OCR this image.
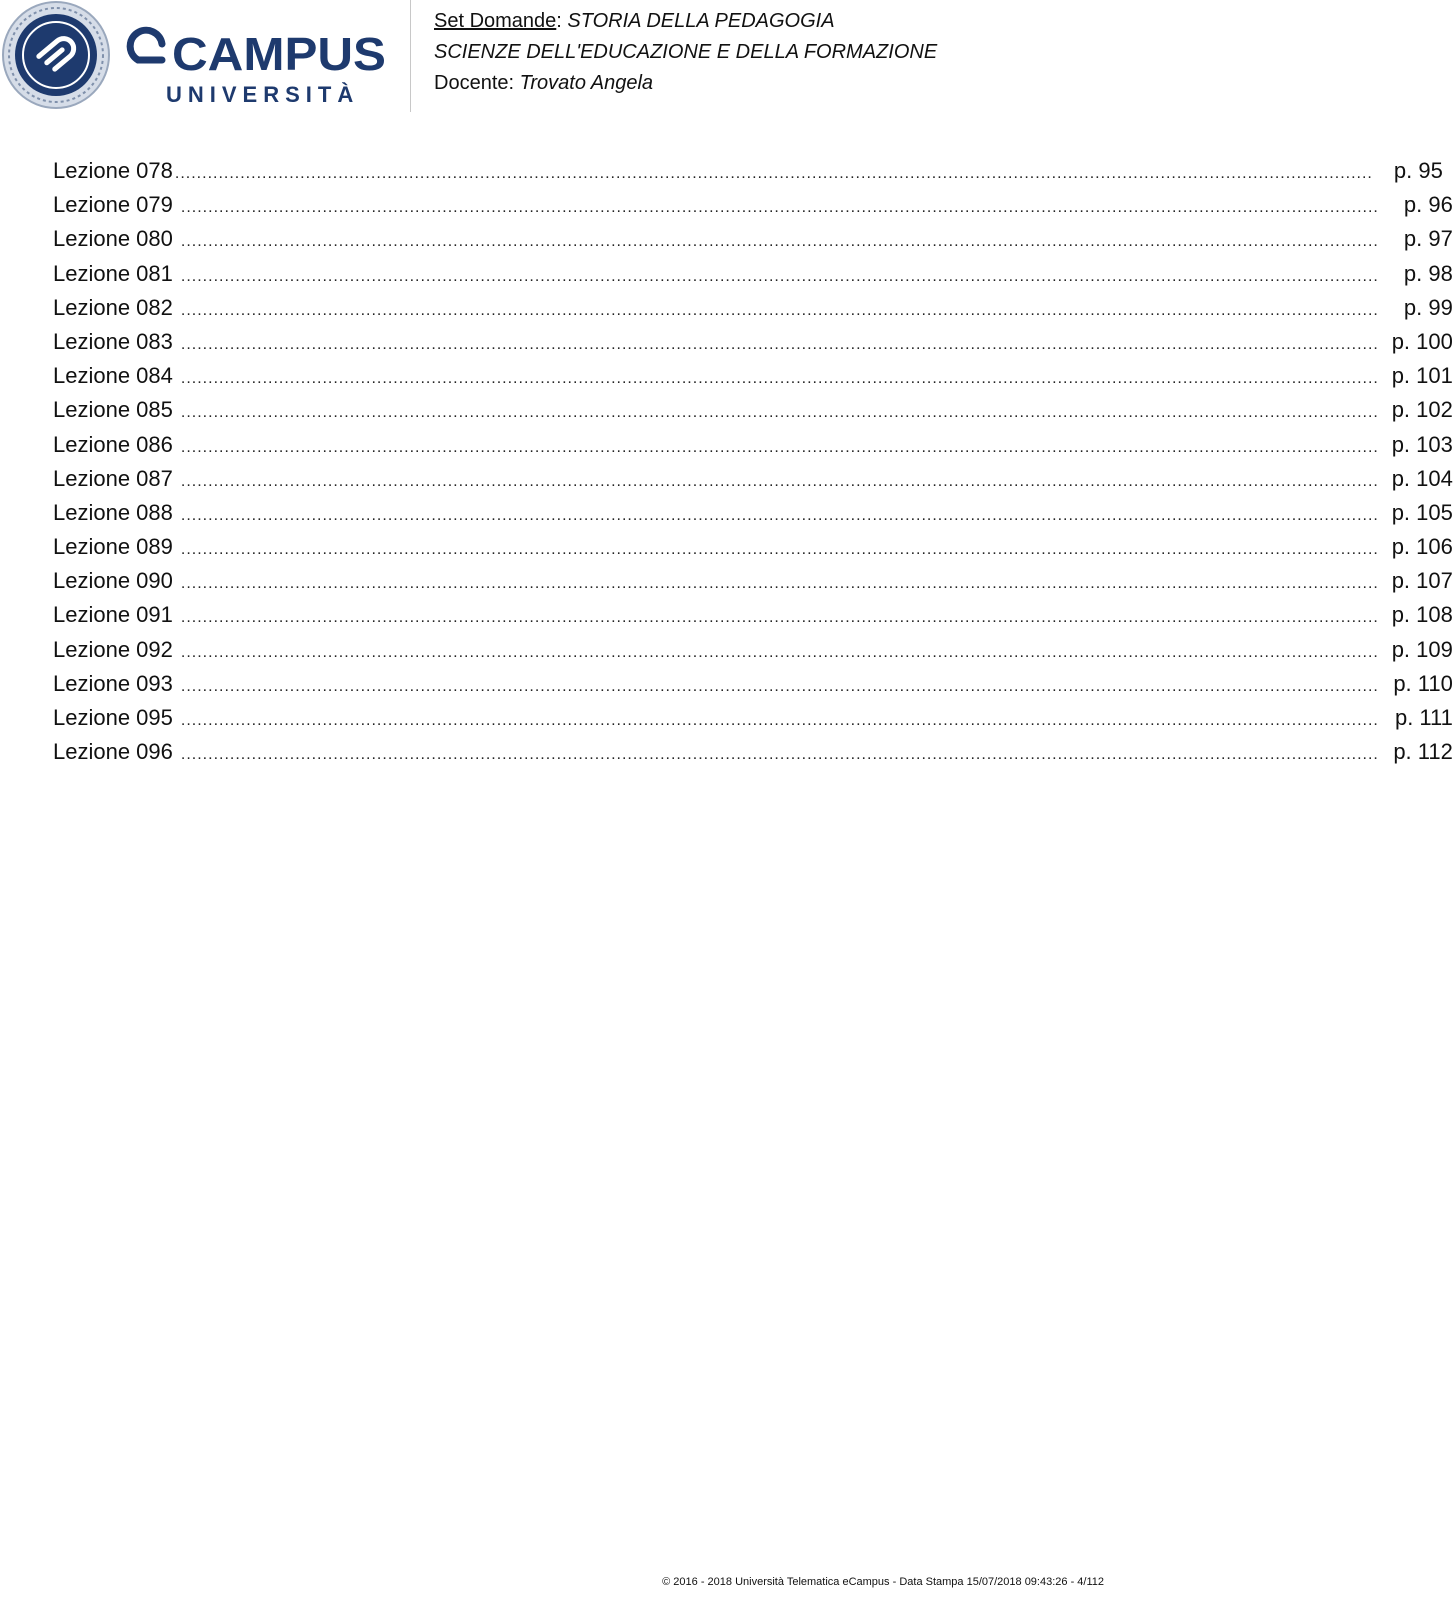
CAMPUS
UNIVERSITÀ
Set Domande: STORIA DELLA PEDAGOGIA
SCIENZE DELL'EDUCAZIONE E DELLA FORMAZIONE
Docente: Trovato Angela
Lezione 078 ............................................................................................................................................................................................................................ p. 95
Lezione 079 ............................................................................................................................................................................................................................	p. 96
Lezione 080 ............................................................................................................................................................................................................................	p. 97
Lezione 081 ............................................................................................................................................................................................................................	p. 98
Lezione 082 ............................................................................................................................................................................................................................	p. 99
Lezione 083 ............................................................................................................................................................................................................................ p. 100
Lezione 084 ............................................................................................................................................................................................................................ p. 101
Lezione 085 ............................................................................................................................................................................................................................ p. 102
Lezione 086 ............................................................................................................................................................................................................................ p. 103
Lezione 087 ............................................................................................................................................................................................................................ p. 104
Lezione 088 ............................................................................................................................................................................................................................ p. 105
Lezione 089 ............................................................................................................................................................................................................................ p. 106
Lezione 090 ............................................................................................................................................................................................................................ p. 107
Lezione 091 ............................................................................................................................................................................................................................ p. 108
Lezione 092 ............................................................................................................................................................................................................................ p. 109
Lezione 093 ............................................................................................................................................................................................................................ p. 110
Lezione 095 ............................................................................................................................................................................................................................ p. 111
Lezione 096 ............................................................................................................................................................................................................................ p. 112
© 2016 - 2018 Università Telematica eCampus - Data Stampa 15/07/2018 09:43:26 - 4/112
